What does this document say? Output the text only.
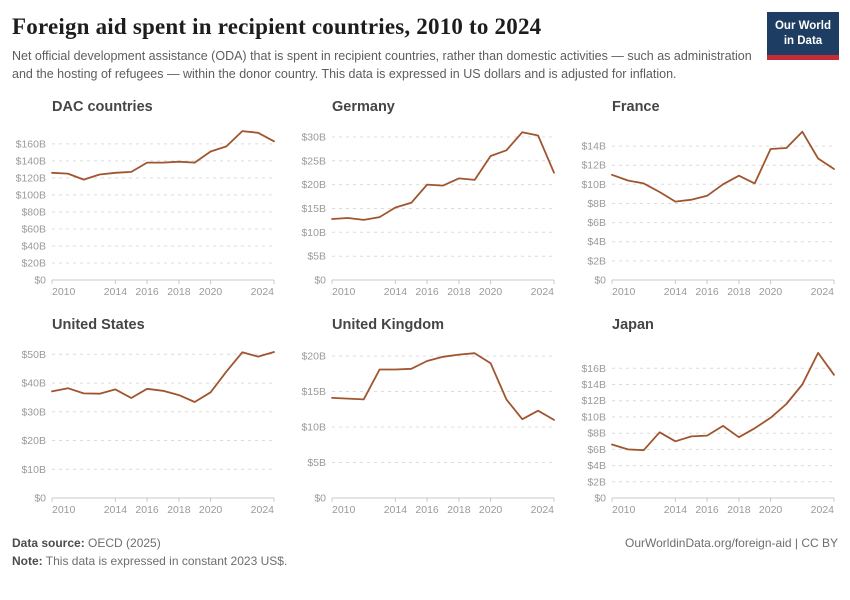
Foreign aid spent in recipient countries, 2010 to 2024	Our World
in Data

Net official development assistance (ODA) that is spent in recipient countries, rather than domestic activities — such as administration and the hosting of refugees — within the donor country. This data is expressed in US dollars and is adjusted for inflation.

DAC countries
$0
$20B
$40B
$60B
$80B
$100B
$120B
$140B
$160B
2010	2014 2016 2018 2020	2024
Germany
$0
$5B
$10B
$15B
$20B
$25B
$30B
2010	2014 2016 2018 2020	2024
France
$0
$2B
$4B
$6B
$8B
$10B
$12B
$14B
2010	2014 2016 2018 2020	2024
United States
$0
$10B
$20B
$30B
$40B
$50B
2010	2014 2016 2018 2020	2024
United Kingdom
$0
$5B
$10B
$15B
$20B
2010	2014 2016 2018 2020	2024
Japan
$0
$2B
$4B
$6B
$8B
$10B
$12B
$14B
$16B
2010	2014 2016 2018 2020	2024
Data source: OECD (2025)
Note: This data is expressed in constant 2023 US$.
OurWorldinData.org/foreign-aid | CC BY
